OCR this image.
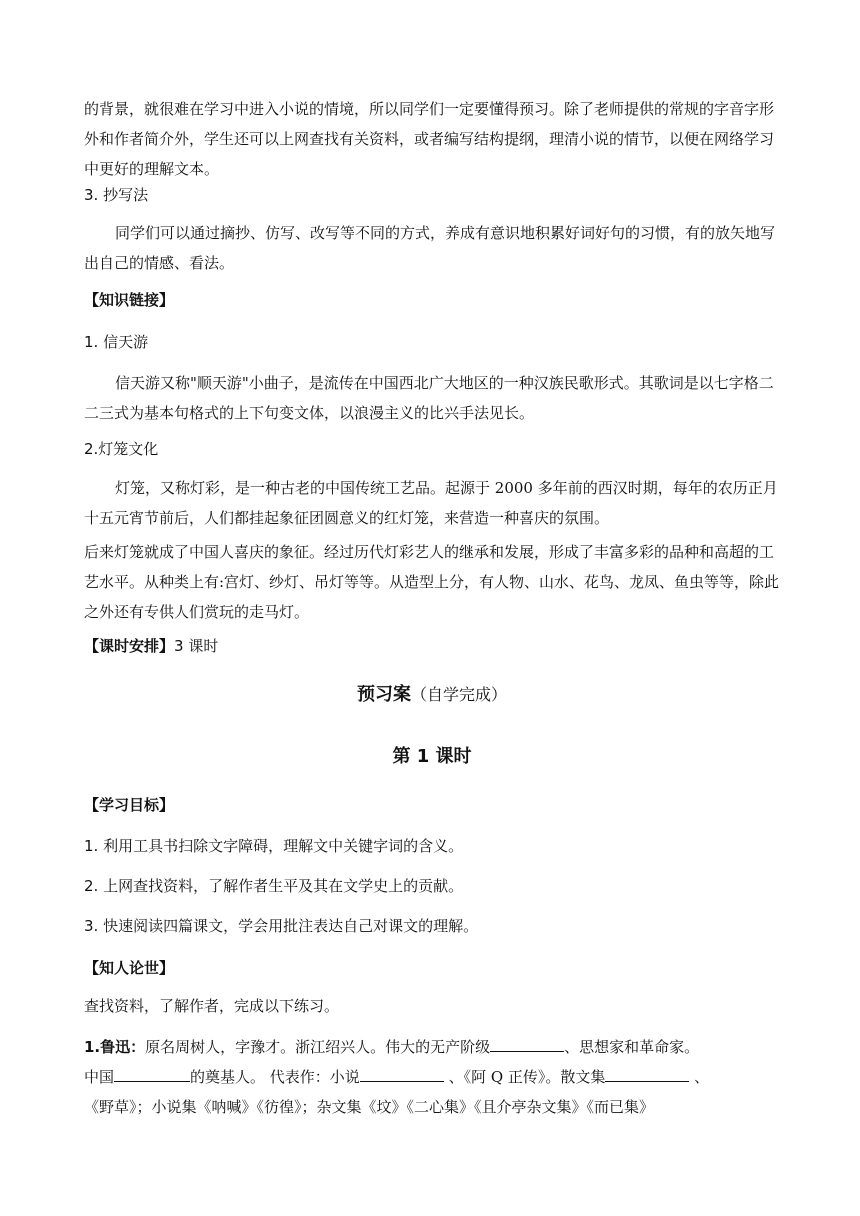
的背景，就很难在学习中进入小说的情境，所以同学们一定要懂得预习。除了老师提供的常规的字音字形外和作者简介外，学生还可以上网查找有关资料，或者编写结构提纲，理清小说的情节，以便在网络学习中更好的理解文本。

3. 抄写法

同学们可以通过摘抄、仿写、改写等不同的方式，养成有意识地积累好词好句的习惯，有的放矢地写出自己的情感、看法。

【知识链接】

1. 信天游

信天游又称"顺天游"小曲子，是流传在中国西北广大地区的一种汉族民歌形式。其歌词是以七字格二二三式为基本句格式的上下句变文体，以浪漫主义的比兴手法见长。

2.灯笼文化

灯笼，又称灯彩，是一种古老的中国传统工艺品。起源于 2000 多年前的西汉时期，每年的农历正月十五元宵节前后，人们都挂起象征团圆意义的红灯笼，来营造一种喜庆的氛围。

后来灯笼就成了中国人喜庆的象征。经过历代灯彩艺人的继承和发展，形成了丰富多彩的品种和高超的工艺水平。从种类上有:宫灯、纱灯、吊灯等等。从造型上分，有人物、山水、花鸟、龙凤、鱼虫等等，除此之外还有专供人们赏玩的走马灯。

【课时安排】3 课时

预习案（自学完成）

第 1 课时

【学习目标】

1. 利用工具书扫除文字障碍，理解文中关键字词的含义。

2. 上网查找资料，了解作者生平及其在文学史上的贡献。

3. 快速阅读四篇课文，学会用批注表达自己对课文的理解。

【知人论世】

查找资料，了解作者，完成以下练习。

1.鲁迅：原名周树人，字豫才。浙江绍兴人。伟大的无产阶级	、思想家和革命家。

中国	的奠基人。 代表作：小说	、《阿 Q 正传》。散文集	、

《野草》；小说集《呐喊》《彷徨》；杂文集《坟》《二心集》《且介亭杂文集》《而已集》
